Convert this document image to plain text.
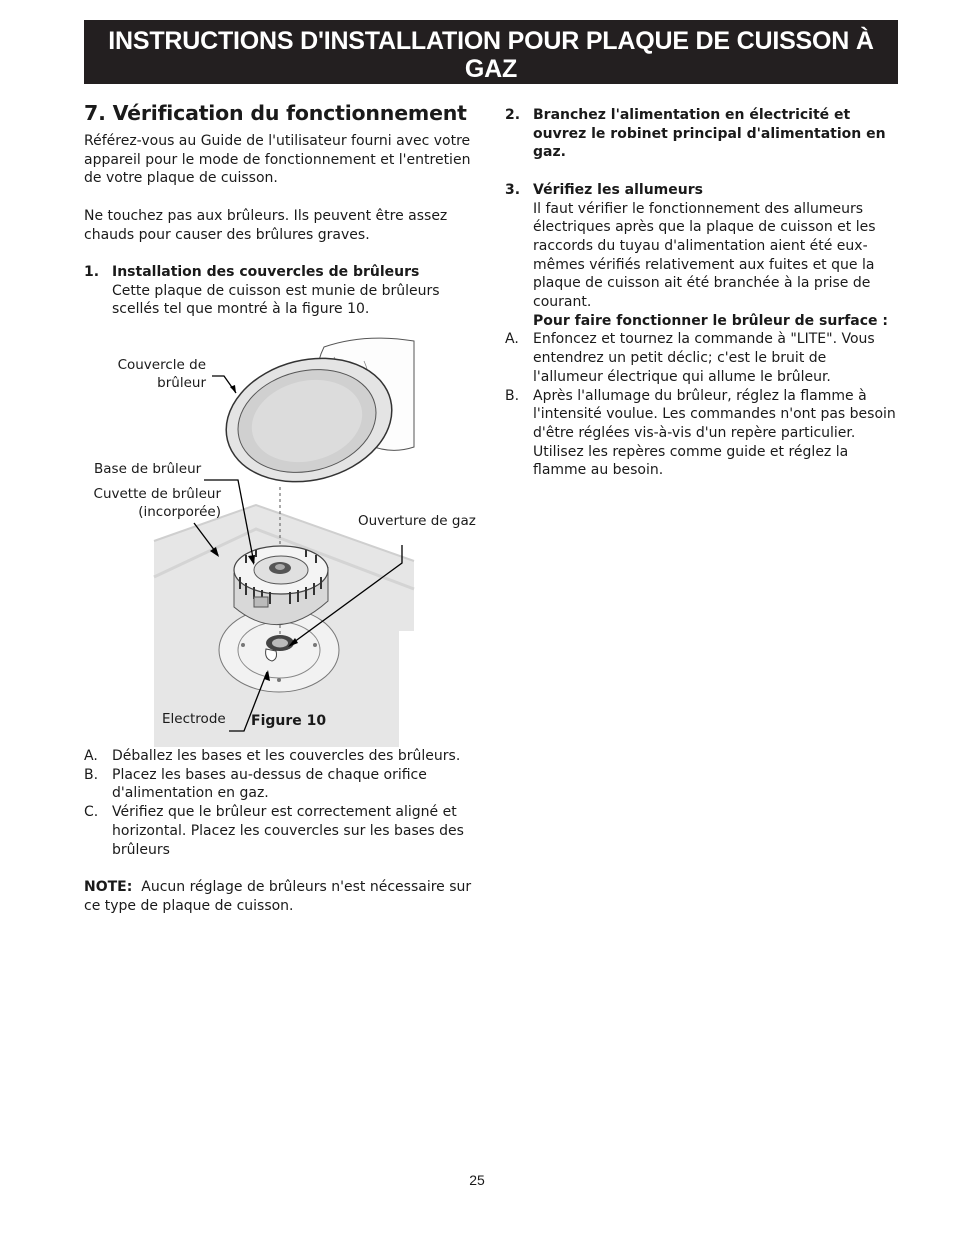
INSTRUCTIONS D'INSTALLATION POUR PLAQUE DE CUISSON À GAZ
(Modèle pouvant être combiné à un four encastré électrique installé sous le comptoir)
7. Vérification du fonctionnement

Référez-vous au Guide de l'utilisateur fourni avec votre appareil pour le mode de fonctionnement et l'entretien de votre plaque de cuisson.

Ne touchez pas aux brûleurs. Ils peuvent être assez chauds pour causer des brûlures graves.

1. Installation des couvercles de brûleurs

Cette plaque de cuisson est munie de brûleurs scellés tel que montré à la figure 10.

Couvercle de
brûleur
Base de brûleur
Cuvette de brûleur
(incorporée)
Ouverture de gaz
Electrode Figure 10
A.	Déballez les bases et les couvercles des brûleurs.
B. Placez les bases au-dessus de chaque orifice d'alimentation en gaz.
C. Vérifiez que le brûleur est correctement aligné et horizontal. Placez les couvercles sur les bases des brûleurs

NOTE: Aucun réglage de brûleurs n'est nécessaire sur ce type de plaque de cuisson.

2. Branchez l'alimentation en électricité et ouvrez le robinet principal d'alimentation en gaz.
3. Vérifiez les allumeurs

Il faut vérifier le fonctionnement des allumeurs électriques après que la plaque de cuisson et les raccords du tuyau d'alimentation aient été eux-mêmes vérifiés relativement aux fuites et que la plaque de cuisson ait été branchée à la prise de courant.

Pour faire fonctionner le brûleur de surface :

A.	Enfoncez et tournez la commande à "LITE". Vous entendrez un petit déclic; c'est le bruit de l'allumeur électrique qui allume le brûleur.
B. Après l'allumage du brûleur, réglez la flamme à l'intensité voulue. Les commandes n'ont pas besoin d'être réglées vis-à-vis d'un repère particulier. Utilisez les repères comme guide et réglez la flamme au besoin.
25
